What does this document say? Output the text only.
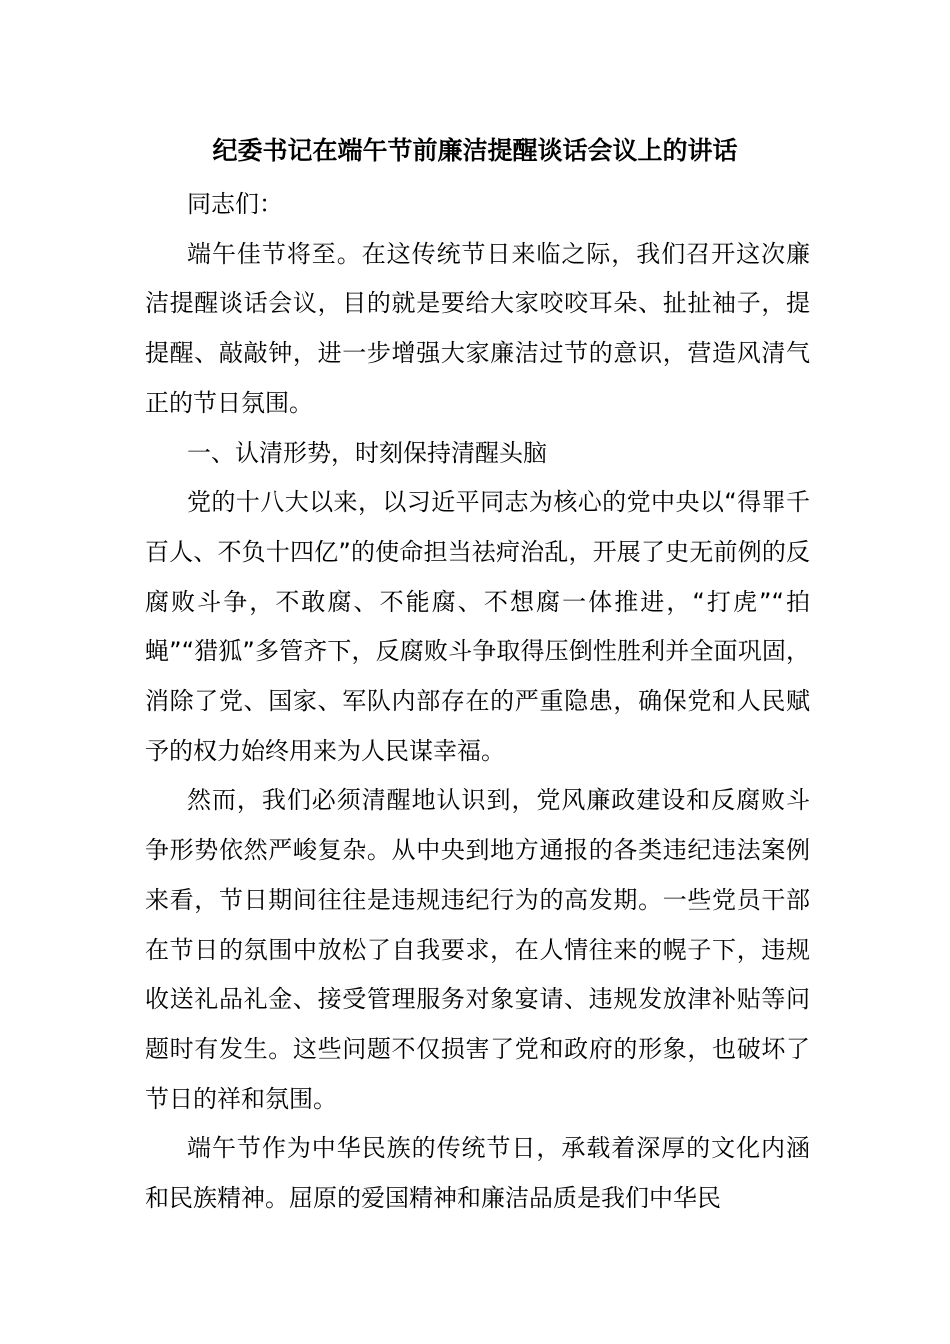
纪委书记在端午节前廉洁提醒谈话会议上的讲话

同志们：

端午佳节将至。在这传统节日来临之际，我们召开这次廉洁提醒谈话会议，目的就是要给大家咬咬耳朵、扯扯袖子，提提醒、敲敲钟，进一步增强大家廉洁过节的意识，营造风清气正的节日氛围。

一、认清形势，时刻保持清醒头脑

党的十八大以来，以习近平同志为核心的党中央以“得罪千百人、不负十四亿”的使命担当祛疴治乱，开展了史无前例的反腐败斗争，不敢腐、不能腐、不想腐一体推进，“打虎”“拍蝇”“猎狐”多管齐下，反腐败斗争取得压倒性胜利并全面巩固，消除了党、国家、军队内部存在的严重隐患，确保党和人民赋予的权力始终用来为人民谋幸福。

然而，我们必须清醒地认识到，党风廉政建设和反腐败斗争形势依然严峻复杂。从中央到地方通报的各类违纪违法案例来看，节日期间往往是违规违纪行为的高发期。一些党员干部在节日的氛围中放松了自我要求，在人情往来的幌子下，违规收送礼品礼金、接受管理服务对象宴请、违规发放津补贴等问题时有发生。这些问题不仅损害了党和政府的形象，也破坏了节日的祥和氛围。

端午节作为中华民族的传统节日，承载着深厚的文化内涵和民族精神。屈原的爱国精神和廉洁品质是我们中华民
